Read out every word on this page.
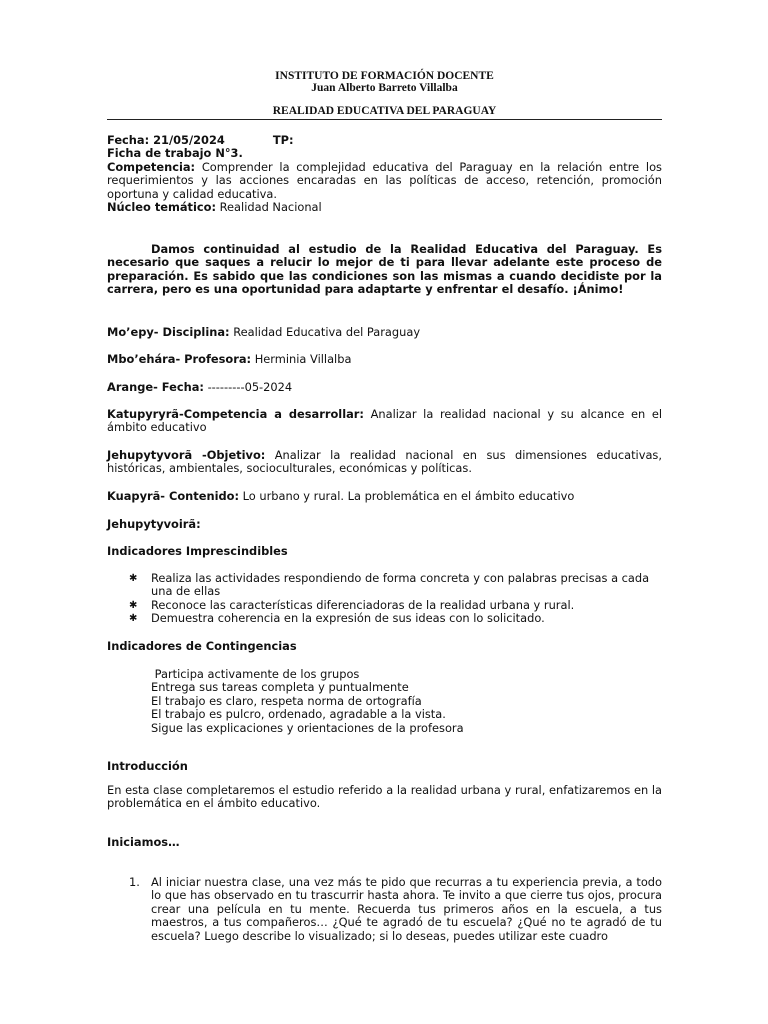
INSTITUTO DE FORMACIÓN DOCENTE
Juan Alberto Barreto Villalba
REALIDAD EDUCATIVA DEL PARAGUAY
Fecha: 21/05/2024	TP:
Ficha de trabajo N°3.
Competencia: Comprender la complejidad educativa del Paraguay en la relación entre los requerimientos y las acciones encaradas en las políticas de acceso, retención, promoción oportuna y calidad educativa.
Núcleo temático: Realidad Nacional
Damos continuidad al estudio de la Realidad Educativa del Paraguay. Es necesario que saques a relucir lo mejor de ti para llevar adelante este proceso de preparación. Es sabido que las condiciones son las mismas a cuando decidiste por la carrera, pero es una oportunidad para adaptarte y enfrentar el desafío. ¡Ánimo!
Mo’epy- Disciplina: Realidad Educativa del Paraguay
Mbo’ehára- Profesora: Herminia Villalba
Arange- Fecha: ---------05-2024
Katupyryrã-Competencia a desarrollar: Analizar la realidad nacional y su alcance en el ámbito educativo
Jehupytyvorã -Objetivo: Analizar la realidad nacional en sus dimensiones educativas, históricas, ambientales, socioculturales, económicas y políticas.
Kuapyrã- Contenido: Lo urbano y rural. La problemática en el ámbito educativo
Jehupytyvoirã:
Indicadores Imprescindibles
✱ Realiza las actividades respondiendo de forma concreta y con palabras precisas a cada una de ellas
✱ Reconoce las características diferenciadoras de la realidad urbana y rural.
✱ Demuestra coherencia en la expresión de sus ideas con lo solicitado.
Indicadores de Contingencias
Participa activamente de los grupos
Entrega sus tareas completa y puntualmente
El trabajo es claro, respeta norma de ortografía
El trabajo es pulcro, ordenado, agradable a la vista.
Sigue las explicaciones y orientaciones de la profesora
Introducción
En esta clase completaremos el estudio referido a la realidad urbana y rural, enfatizaremos en la problemática en el ámbito educativo.
Iniciamos…
1. Al iniciar nuestra clase, una vez más te pido que recurras a tu experiencia previa, a todo lo que has observado en tu trascurrir hasta ahora. Te invito a que cierre tus ojos, procura crear una película en tu mente. Recuerda tus primeros años en la escuela, a tus maestros, a tus compañeros… ¿Qué te agradó de tu escuela? ¿Qué no te agradó de tu escuela? Luego describe lo visualizado; si lo deseas, puedes utilizar este cuadro
